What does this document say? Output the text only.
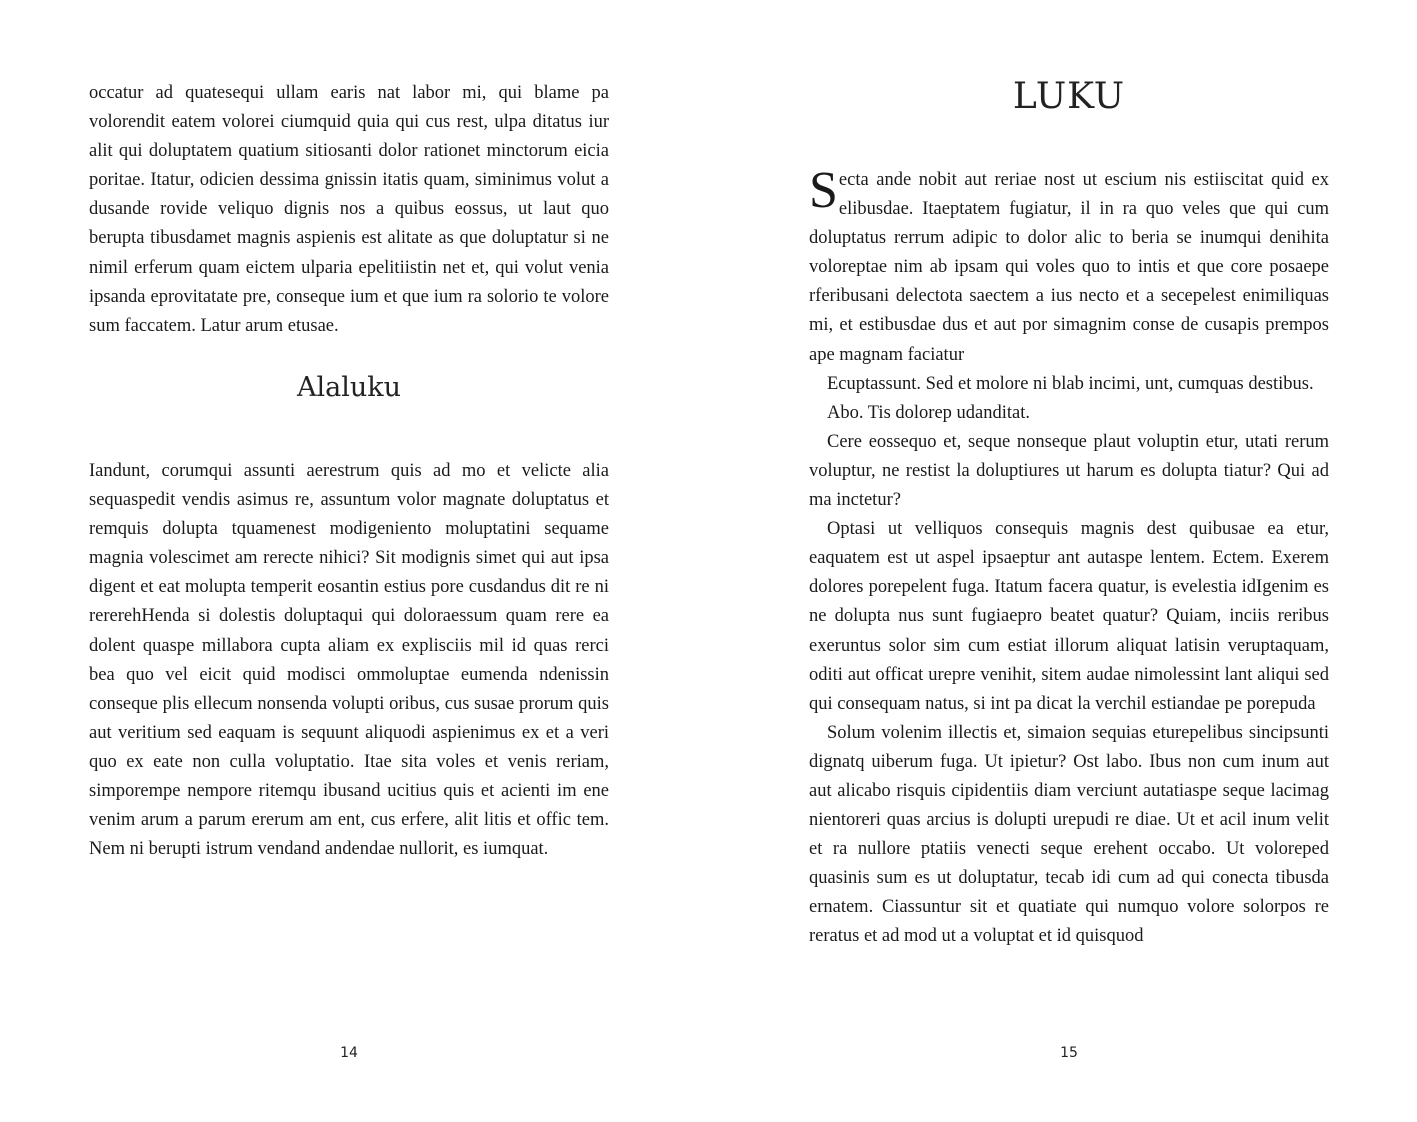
occatur ad quatesequi ullam earis nat labor mi, qui blame pa volorendit eatem volorei ciumquid quia qui cus rest, ulpa ditatus iur alit qui doluptatem quatium sitiosanti dolor rationet minctorum eicia poritae. Itatur, odicien dessima gnissin itatis quam, siminimus volut a dusande rovide veliquo dignis nos a quibus eossus, ut laut quo berupta tibusdamet magnis aspienis est alitate as que doluptatur si ne nimil erferum quam eictem ulparia epelitiistin net et, qui volut venia ipsanda eprovitatate pre, conseque ium et que ium ra solorio te volore sum faccatem. Latur arum etusae.

Alaluku

Iandunt, corumqui assunti aerestrum quis ad mo et velicte alia sequaspedit vendis asimus re, assuntum volor magnate doluptatus et remquis dolupta tquamenest modigeniento moluptatini sequame magnia volescimet am rerecte nihici? Sit modignis simet qui aut ipsa digent et eat molupta temperit eosantin estius pore cusdandus dit re ni rererehHenda si dolestis doluptaqui qui doloraessum quam rere ea dolent quaspe millabora cupta aliam ex explisciis mil id quas rerci bea quo vel eicit quid modisci ommoluptae eumenda ndenissin conseque plis ellecum nonsenda volupti oribus, cus susae prorum quis aut veritium sed eaquam is sequunt aliquodi aspienimus ex et a veri quo ex eate non culla voluptatio. Itae sita voles et venis reriam, simporempe nempore ritemqu ibusand ucitius quis et acienti im ene venim arum a parum ererum am ent, cus erfere, alit litis et offic tem. Nem ni berupti istrum vendand andendae nullorit, es iumquat.

14
LUKU

Secta ande nobit aut reriae nost ut escium nis estiiscitat quid ex elibusdae. Itaeptatem fugiatur, il in ra quo veles que qui cum doluptatus rerrum adipic to dolor alic to beria se inumqui denihita voloreptae nim ab ipsam qui voles quo to intis et que core posaepe rferibusani delectota saectem a ius necto et a secepelest enimiliquas mi, et estibusdae dus et aut por simagnim conse de cusapis prempos ape magnam faciatur

Ecuptassunt. Sed et molore ni blab incimi, unt, cumquas destibus.

Abo. Tis dolorep udanditat.

Cere eossequo et, seque nonseque plaut voluptin etur, utati rerum voluptur, ne restist la doluptiures ut harum es dolupta tiatur? Qui ad ma inctetur?

Optasi ut velliquos consequis magnis dest quibusae ea etur, eaquatem est ut aspel ipsaeptur ant autaspe lentem. Ectem. Exerem dolores porepelent fuga. Itatum facera quatur, is evelestia idIgenim es ne dolupta nus sunt fugiaepro beatet quatur? Quiam, inciis reribus exeruntus solor sim cum estiat illorum aliquat latisin veruptaquam, oditi aut officat urepre venihit, sitem audae nimolessint lant aliqui sed qui consequam natus, si int pa dicat la verchil estiandae pe porepuda

Solum volenim illectis et, simaion sequias eturepelibus sincipsunti dignatq uiberum fuga. Ut ipietur? Ost labo. Ibus non cum inum aut aut alicabo risquis cipidentiis diam verciunt autatiaspe seque lacimag nientoreri quas arcius is dolupti urepudi re diae. Ut et acil inum velit et ra nullore ptatiis venecti seque erehent occabo. Ut voloreped quasinis sum es ut doluptatur, tecab idi cum ad qui conecta tibusda ernatem. Ciassuntur sit et quatiate qui numquo volore solorpos re reratus et ad mod ut a voluptat et id quisquod

15
